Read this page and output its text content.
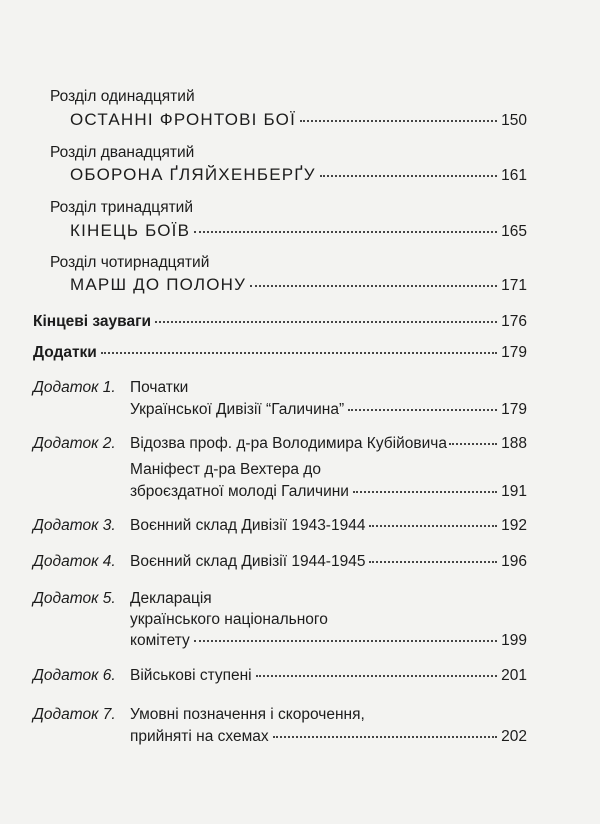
Розділ одинадцятий
ОСТАННІ ФРОНТОВІ БОЇ	150
Розділ дванадцятий
ОБОРОНА ҐЛЯЙХЕНБЕРҐУ	161
Розділ тринадцятий
КІНЕЦЬ БОЇВ	165
Розділ чотирнадцятий
МАРШ ДО ПОЛОНУ	171
Кінцеві зауваги	176
Додатки	179
Додаток 1. Початки
Української Дивізії “Галичина”	179
Додаток 2. Відозва проф. д-ра Володимира Кубійовича	188
Маніфест д-ра Вехтера до
зброєздатної молоді Галичини	191
Додаток 3. Воєнний склад Дивізії 1943-1944	192
Додаток 4. Воєнний склад Дивізії 1944-1945	196
Додаток 5. Декларація
українського національного
комітету	199
Додаток 6. Військові ступені	201
Додаток 7. Умовні позначення і скорочення,
прийняті на схемах	202
